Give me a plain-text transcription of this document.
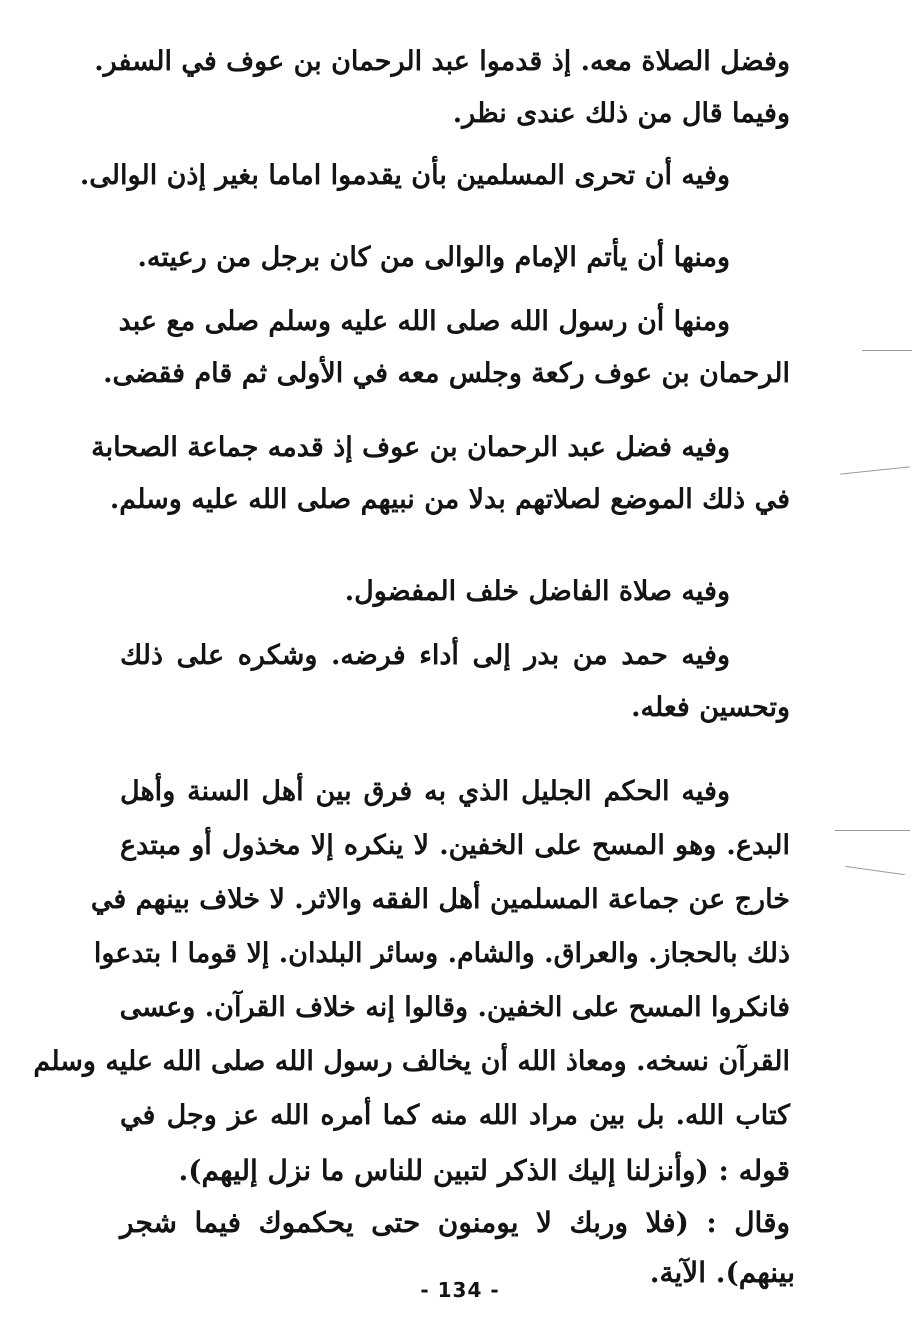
وفضل الصلاة معه. إذ قدموا عبد الرحمان بن عوف في السفر.
وفيما قال من ذلك عندى نظر.
وفيه أن تحرى المسلمين بأن يقدموا اماما بغير إذن الوالى.
ومنها أن يأتم الإمام والوالى من كان برجل من رعيته.
ومنها أن رسول الله صلى الله عليه وسلم صلى مع عبد
الرحمان بن عوف ركعة وجلس معه في الأولى ثم قام فقضى.
وفيه فضل عبد الرحمان بن عوف إذ قدمه جماعة الصحابة
في ذلك الموضع لصلاتهم بدلا من نبيهم صلى الله عليه وسلم.
وفيه صلاة الفاضل خلف المفضول.
وفيه حمد من بدر إلى أداء فرضه. وشكره على ذلك
وتحسين فعله.
وفيه الحكم الجليل الذي به فرق بين أهل السنة وأهل
البدع. وهو المسح على الخفين. لا ينكره إلا مخذول أو مبتدع
خارج عن جماعة المسلمين أهل الفقه والاثر. لا خلاف بينهم في
ذلك بالحجاز. والعراق. والشام. وسائر البلدان. إلا قوما ا بتدعوا
فانكروا المسح على الخفين. وقالوا إنه خلاف القرآن. وعسى
القرآن نسخه. ومعاذ الله أن يخالف رسول الله صلى الله عليه وسلم
كتاب الله. بل بين مراد الله منه كما أمره الله عز وجل في
قوله : (وأنزلنا إليك الذكر لتبين للناس ما نزل إليهم).
وقال : (فلا وربك لا يومنون حتى يحكموك فيما شجر
بينهم). الآية.
- 134 -
